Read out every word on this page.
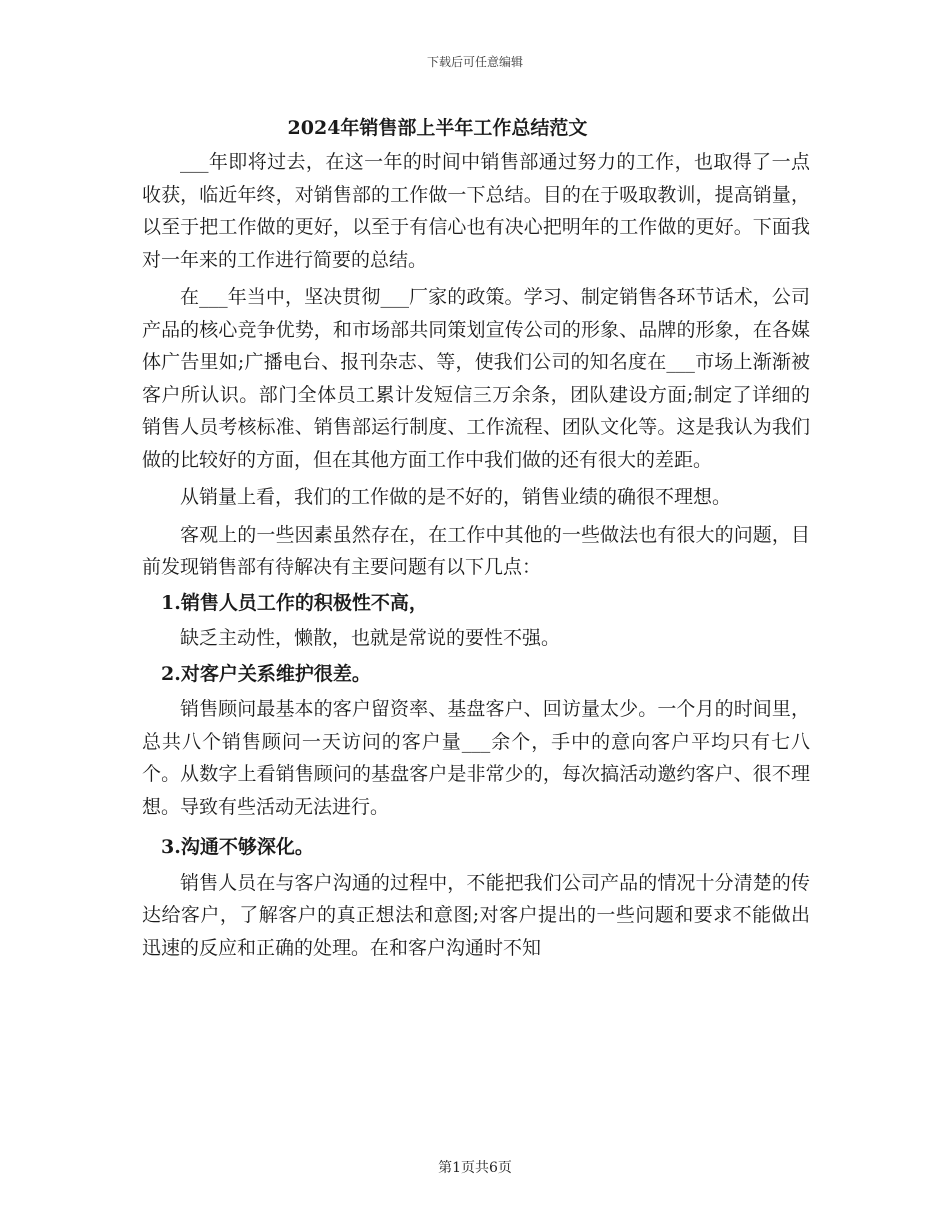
下载后可任意编辑
2024年销售部上半年工作总结范文

___年即将过去，在这一年的时间中销售部通过努力的工作，也取得了一点收获，临近年终，对销售部的工作做一下总结。目的在于吸取教训，提高销量，以至于把工作做的更好，以至于有信心也有决心把明年的工作做的更好。下面我对一年来的工作进行简要的总结。

在___年当中，坚决贯彻___厂家的政策。学习、制定销售各环节话术，公司产品的核心竞争优势，和市场部共同策划宣传公司的形象、品牌的形象，在各媒体广告里如;广播电台、报刊杂志、等，使我们公司的知名度在___市场上渐渐被客户所认识。部门全体员工累计发短信三万余条，团队建设方面;制定了详细的销售人员考核标准、销售部运行制度、工作流程、团队文化等。这是我认为我们做的比较好的方面，但在其他方面工作中我们做的还有很大的差距。

从销量上看，我们的工作做的是不好的，销售业绩的确很不理想。

客观上的一些因素虽然存在，在工作中其他的一些做法也有很大的问题，目前发现销售部有待解决有主要问题有以下几点：

1.销售人员工作的积极性不高，

缺乏主动性，懒散，也就是常说的要性不强。

2.对客户关系维护很差。

销售顾问最基本的客户留资率、基盘客户、回访量太少。一个月的时间里，总共八个销售顾问一天访问的客户量___余个，手中的意向客户平均只有七八个。从数字上看销售顾问的基盘客户是非常少的，每次搞活动邀约客户、很不理想。导致有些活动无法进行。

3.沟通不够深化。

销售人员在与客户沟通的过程中，不能把我们公司产品的情况十分清楚的传达给客户，了解客户的真正想法和意图;对客户提出的一些问题和要求不能做出迅速的反应和正确的处理。在和客户沟通时不知

第1页共6页
